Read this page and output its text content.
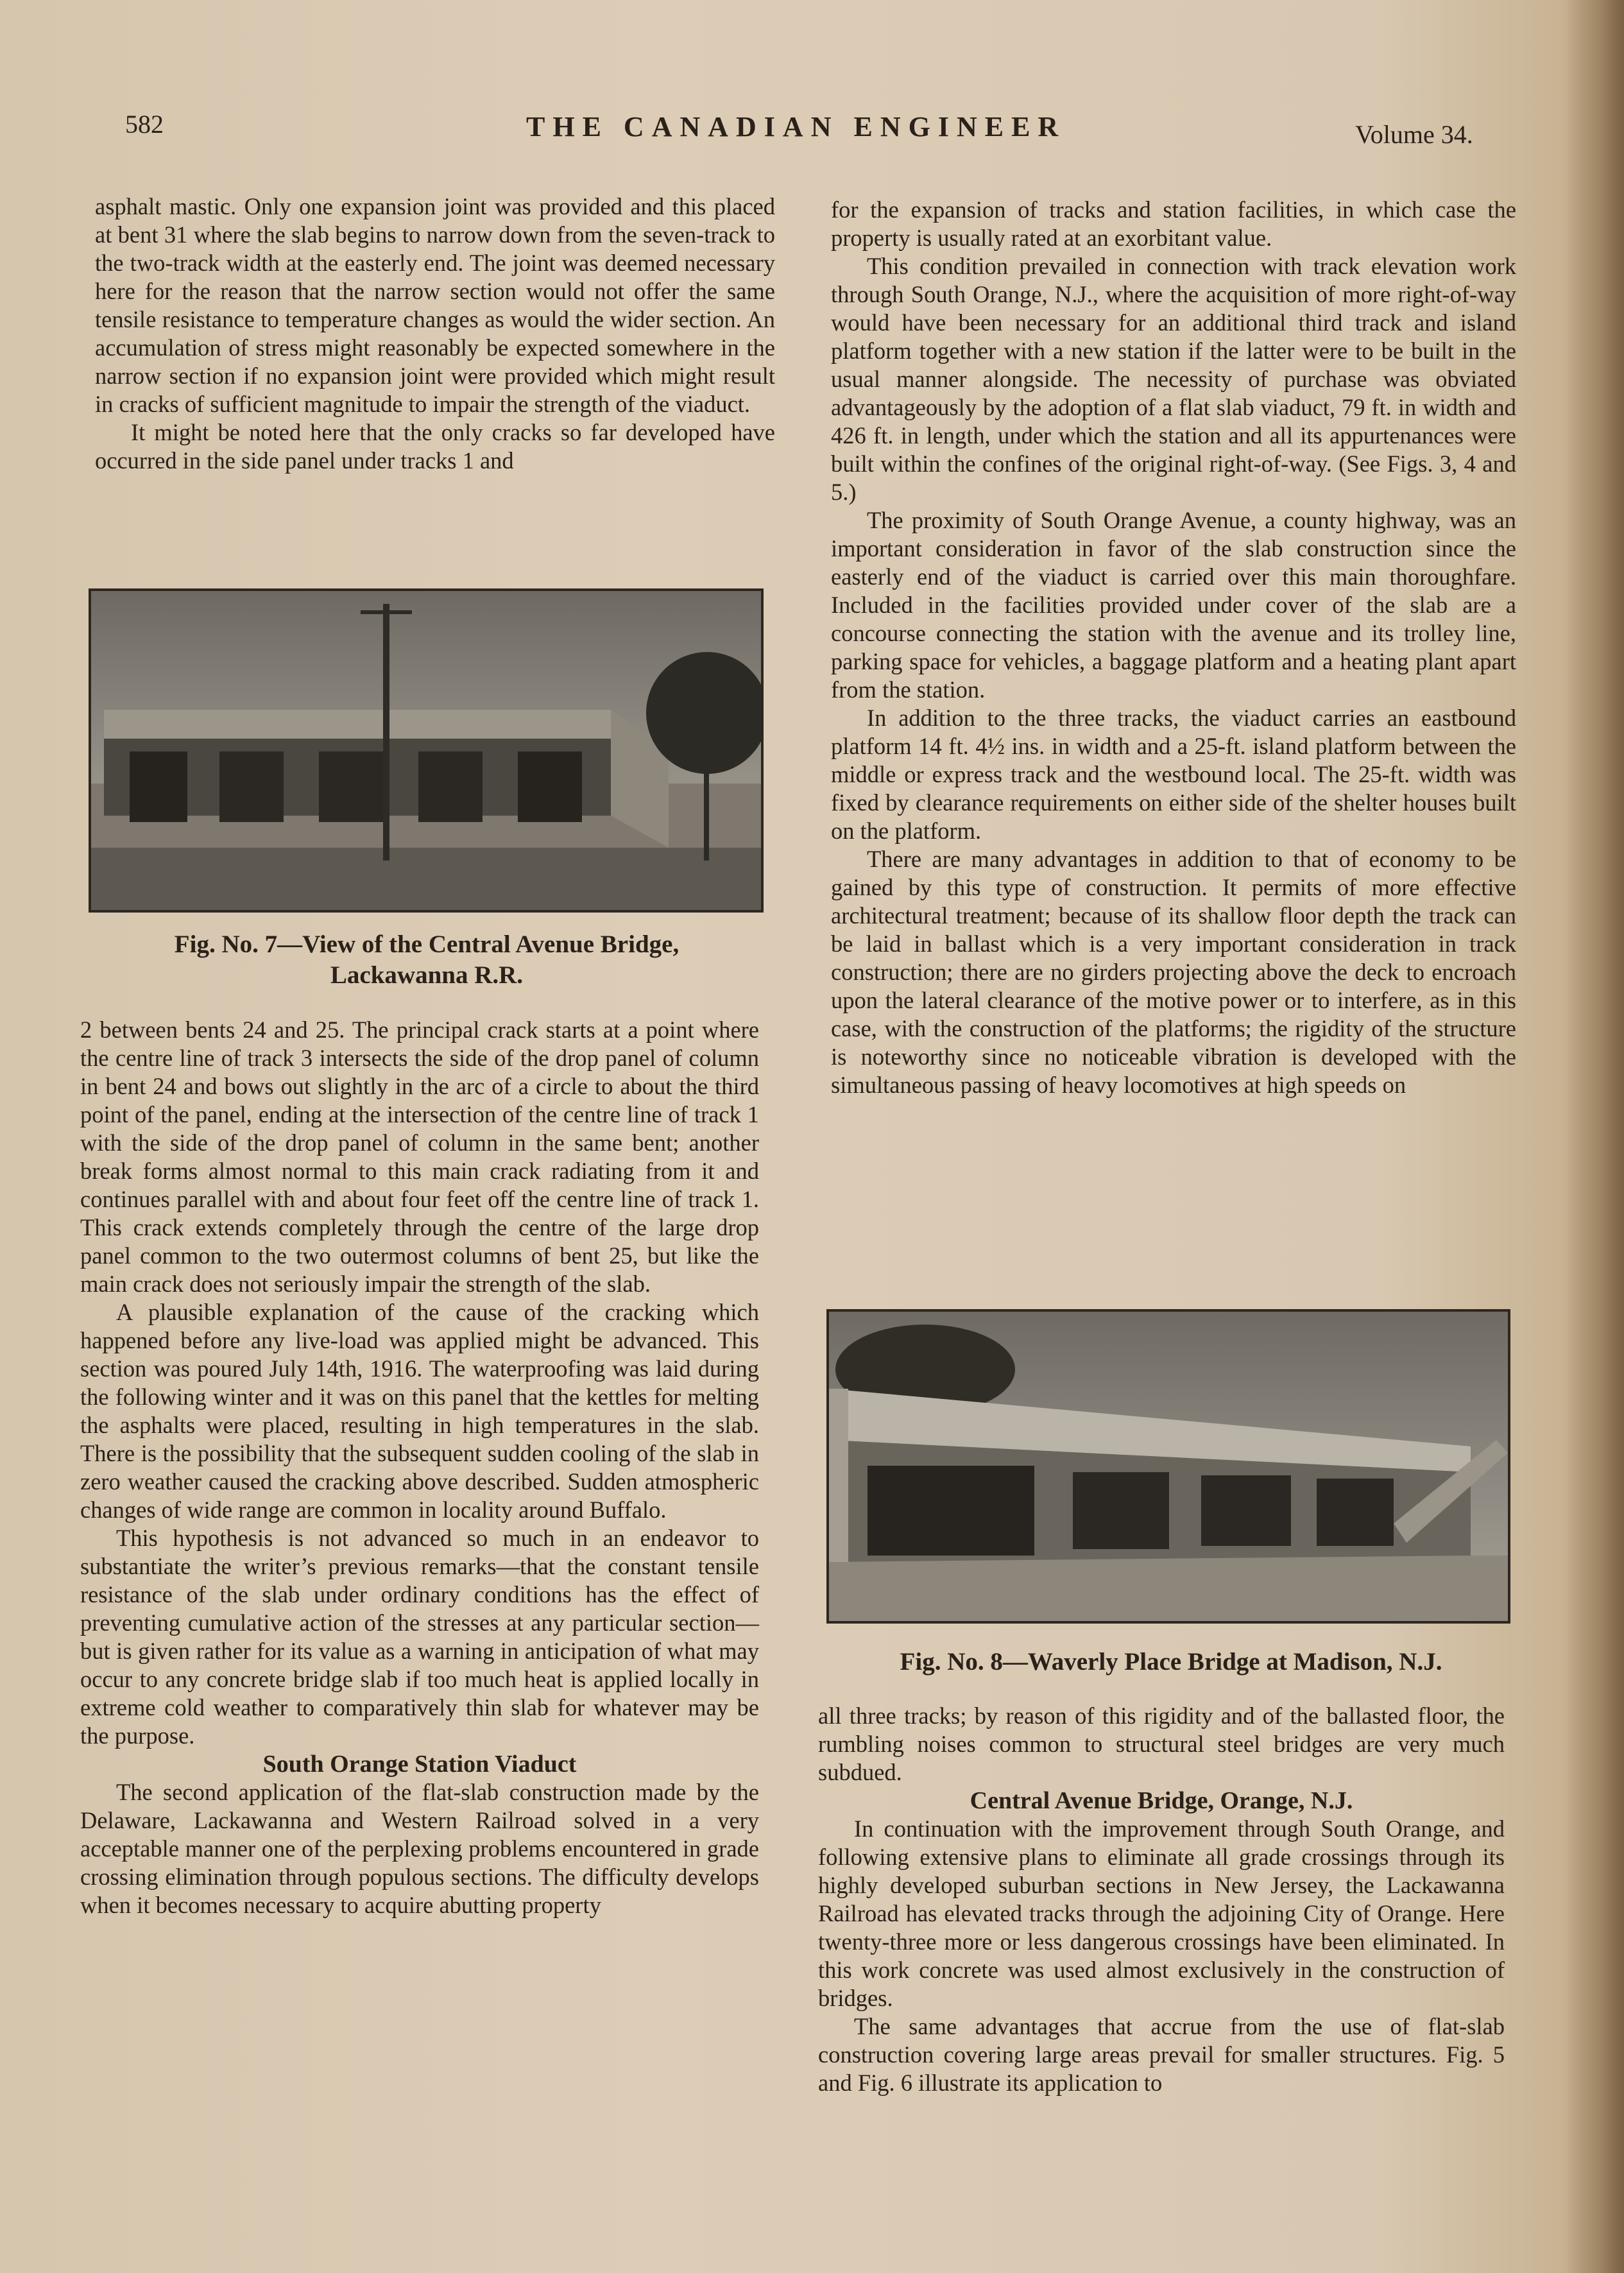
582	THE CANADIAN ENGINEER	Volume 34.

asphalt mastic. Only one expansion joint was provided and this placed at bent 31 where the slab begins to narrow down from the seven-track to the two-track width at the easterly end. The joint was deemed necessary here for the reason that the narrow section would not offer the same tensile resistance to temperature changes as would the wider section. An accumulation of stress might reasonably be expected somewhere in the narrow section if no expansion joint were provided which might result in cracks of sufficient magnitude to impair the strength of the viaduct.

It might be noted here that the only cracks so far developed have occurred in the side panel under tracks 1 and

Fig. No. 7—View of the Central Avenue Bridge,
Lackawanna R.R.

2 between bents 24 and 25. The principal crack starts at a point where the centre line of track 3 intersects the side of the drop panel of column in bent 24 and bows out slightly in the arc of a circle to about the third point of the panel, ending at the intersection of the centre line of track 1 with the side of the drop panel of column in the same bent; another break forms almost normal to this main crack radiating from it and continues parallel with and about four feet off the centre line of track 1. This crack extends completely through the centre of the large drop panel common to the two outermost columns of bent 25, but like the main crack does not seriously impair the strength of the slab.

A plausible explanation of the cause of the cracking which happened before any live-load was applied might be advanced. This section was poured July 14th, 1916. The waterproofing was laid during the following winter and it was on this panel that the kettles for melting the asphalts were placed, resulting in high temperatures in the slab. There is the possibility that the subsequent sudden cooling of the slab in zero weather caused the cracking above described. Sudden atmospheric changes of wide range are common in locality around Buffalo.

This hypothesis is not advanced so much in an endeavor to substantiate the writer’s previous remarks—that the constant tensile resistance of the slab under ordinary conditions has the effect of preventing cumulative action of the stresses at any particular section—but is given rather for its value as a warning in anticipation of what may occur to any concrete bridge slab if too much heat is applied locally in extreme cold weather to comparatively thin slab for whatever may be the purpose.

South Orange Station Viaduct

The second application of the flat-slab construction made by the Delaware, Lackawanna and Western Railroad solved in a very acceptable manner one of the perplexing problems encountered in grade crossing elimination through populous sections. The difficulty develops when it becomes necessary to acquire abutting property

for the expansion of tracks and station facilities, in which case the property is usually rated at an exorbitant value.

This condition prevailed in connection with track elevation work through South Orange, N.J., where the acquisition of more right-of-way would have been necessary for an additional third track and island platform together with a new station if the latter were to be built in the usual manner alongside. The necessity of purchase was obviated advantageously by the adoption of a flat slab viaduct, 79 ft. in width and 426 ft. in length, under which the station and all its appurtenances were built within the confines of the original right-of-way. (See Figs. 3, 4 and 5.)

The proximity of South Orange Avenue, a county highway, was an important consideration in favor of the slab construction since the easterly end of the viaduct is carried over this main thoroughfare. Included in the facilities provided under cover of the slab are a concourse connecting the station with the avenue and its trolley line, parking space for vehicles, a baggage platform and a heating plant apart from the station.

In addition to the three tracks, the viaduct carries an eastbound platform 14 ft. 4½ ins. in width and a 25-ft. island platform between the middle or express track and the westbound local. The 25-ft. width was fixed by clearance requirements on either side of the shelter houses built on the platform.

There are many advantages in addition to that of economy to be gained by this type of construction. It permits of more effective architectural treatment; because of its shallow floor depth the track can be laid in ballast which is a very important consideration in track construction; there are no girders projecting above the deck to encroach upon the lateral clearance of the motive power or to interfere, as in this case, with the construction of the platforms; the rigidity of the structure is noteworthy since no noticeable vibration is developed with the simultaneous passing of heavy locomotives at high speeds on

Fig. No. 8—Waverly Place Bridge at Madison, N.J.

all three tracks; by reason of this rigidity and of the ballasted floor, the rumbling noises common to structural steel bridges are very much subdued.

Central Avenue Bridge, Orange, N.J.

In continuation with the improvement through South Orange, and following extensive plans to eliminate all grade crossings through its highly developed suburban sections in New Jersey, the Lackawanna Railroad has elevated tracks through the adjoining City of Orange. Here twenty-three more or less dangerous crossings have been eliminated. In this work concrete was used almost exclusively in the construction of bridges.

The same advantages that accrue from the use of flat-slab construction covering large areas prevail for smaller structures. Fig. 5 and Fig. 6 illustrate its application to
